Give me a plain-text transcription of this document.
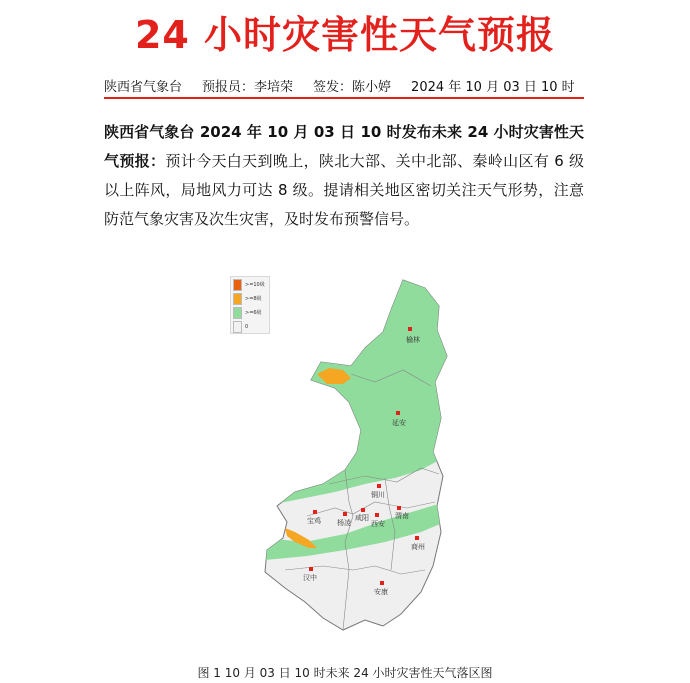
24 小时灾害性天气预报
陕西省气象台 预报员：李培荣 签发：陈小婷 2024 年 10 月 03 日 10 时
陕西省气象台 2024 年 10 月 03 日 10 时发布未来 24 小时灾害性天气预报：预计今天白天到晚上，陕北大部、关中北部、秦岭山区有 6 级以上阵风，局地风力可达 8 级。提请相关地区密切关注天气形势，注意防范气象灾害及次生灾害，及时发布预警信号。
榆林
延安
铜川
宝鸡 杨凌
咸阳
西安
渭南
商州
汉中
安康
>=10级
>=8级
>=6级
0
图 1 10 月 03 日 10 时未来 24 小时灾害性天气落区图
